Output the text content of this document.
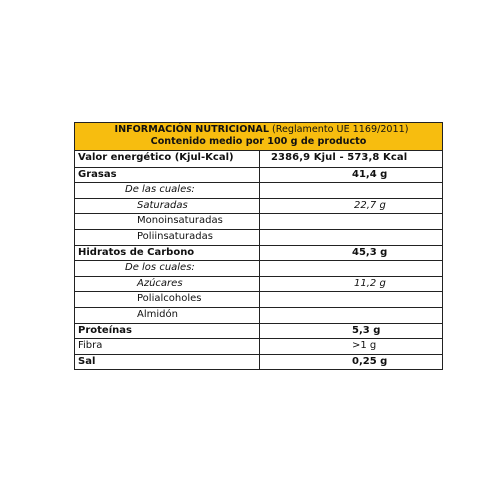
INFORMACIÓN NUTRICIONAL (Reglamento UE 1169/2011)
Contenido medio por 100 g de producto
Valor energético (Kjul-Kcal)	2386,9 Kjul - 573,8 Kcal
Grasas	41,4 g
De las cuales:
Saturadas	22,7 g
Monoinsaturadas
Poliinsaturadas
Hidratos de Carbono	45,3 g
De los cuales:
Azúcares	11,2 g
Polialcoholes
Almidón
Proteínas	5,3 g
Fibra	>1 g
Sal	0,25 g
